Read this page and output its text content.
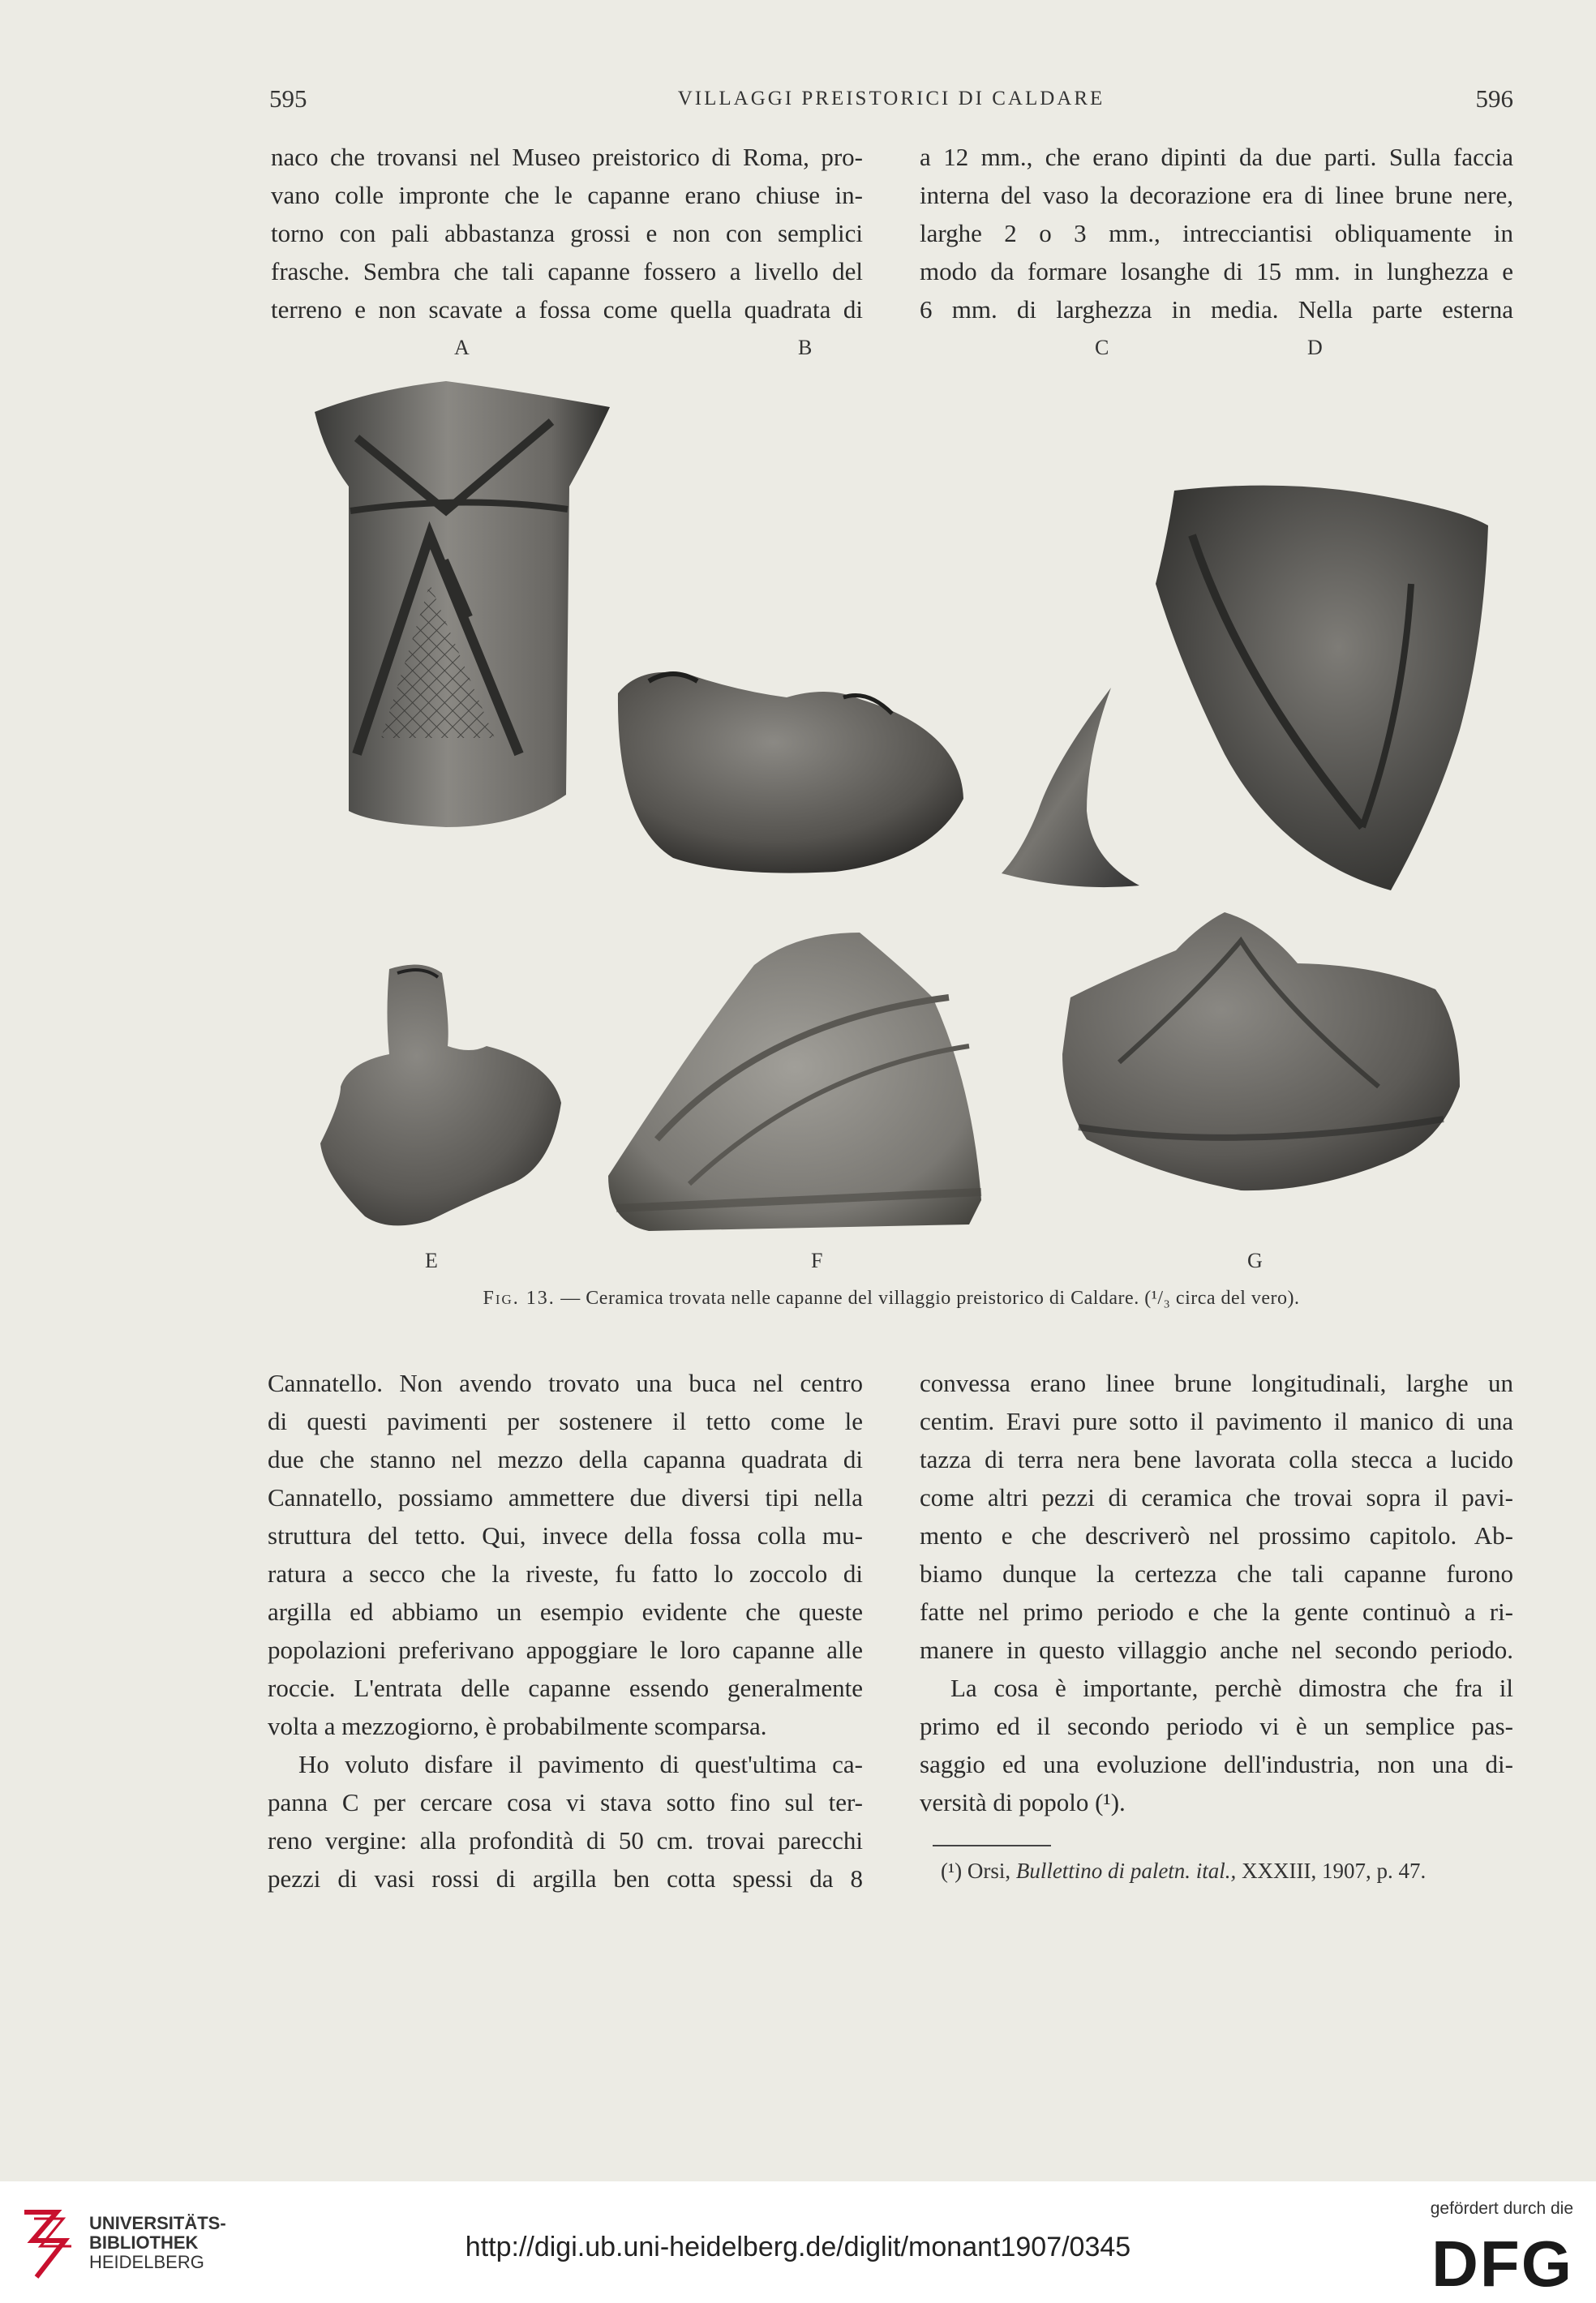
595	VILLAGGI PREISTORICI DI CALDARE	596
naco che trovansi nel Museo preistorico di Roma, pro-
vano colle impronte che le capanne erano chiuse in-
torno con pali abbastanza grossi e non con semplici
frasche. Sembra che tali capanne fossero a livello del
terreno e non scavate a fossa come quella quadrata di
a 12 mm., che erano dipinti da due parti. Sulla faccia
interna del vaso la decorazione era di linee brune nere,
larghe 2 o 3 mm., intrecciantisi obliquamente in
modo da formare losanghe di 15 mm. in lunghezza e
6 mm. di larghezza in media. Nella parte esterna
A	B	C	D
E	F	G
Fig. 13. — Ceramica trovata nelle capanne del villaggio preistorico di Caldare. (¹/₃ circa del vero).
Cannatello. Non avendo trovato una buca nel centro
di questi pavimenti per sostenere il tetto come le
due che stanno nel mezzo della capanna quadrata di
Cannatello, possiamo ammettere due diversi tipi nella
struttura del tetto. Qui, invece della fossa colla mu-
ratura a secco che la riveste, fu fatto lo zoccolo di
argilla ed abbiamo un esempio evidente che queste
popolazioni preferivano appoggiare le loro capanne alle
roccie. L'entrata delle capanne essendo generalmente
volta a mezzogiorno, è probabilmente scomparsa.
Ho voluto disfare il pavimento di quest'ultima ca-
panna C per cercare cosa vi stava sotto fino sul ter-
reno vergine: alla profondità di 50 cm. trovai parecchi
pezzi di vasi rossi di argilla ben cotta spessi da 8
convessa erano linee brune longitudinali, larghe un
centim. Eravi pure sotto il pavimento il manico di una
tazza di terra nera bene lavorata colla stecca a lucido
come altri pezzi di ceramica che trovai sopra il pavi-
mento e che descriverò nel prossimo capitolo. Ab-
biamo dunque la certezza che tali capanne furono
fatte nel primo periodo e che la gente continuò a ri-
manere in questo villaggio anche nel secondo periodo.
La cosa è importante, perchè dimostra che fra il
primo ed il secondo periodo vi è un semplice pas-
saggio ed una evoluzione dell'industria, non una di-
versità di popolo (¹).
(¹) Orsi, Bullettino di paletn. ital., XXXIII, 1907, p. 47.
UNIVERSITÄTS-
BIBLIOTHEK
HEIDELBERG	http://digi.ub.uni-heidelberg.de/diglit/monant1907/0345
gefördert durch die
DFG
